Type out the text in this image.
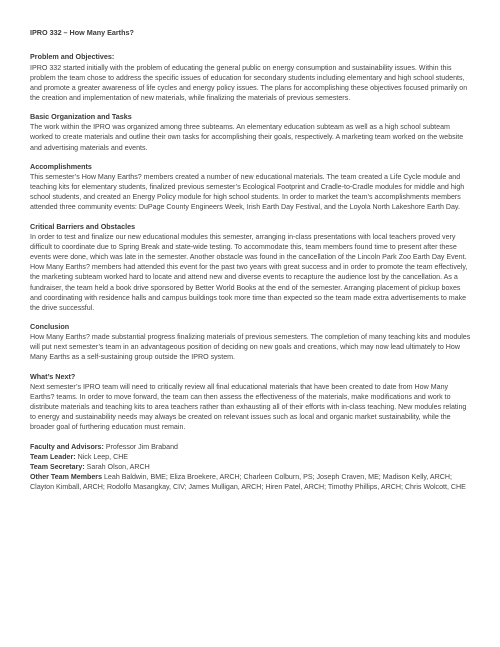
IPRO 332 – How Many Earths?
Problem and Objectives:

IPRO 332 started initially with the problem of educating the general public on energy consumption and sustainability issues. Within this problem the team chose to address the specific issues of education for secondary students including elementary and high school students, and promote a greater awareness of life cycles and energy policy issues. The plans for accomplishing these objectives focused primarily on the creation and implementation of new materials, while finalizing the materials of previous semesters.

Basic Organization and Tasks

The work within the IPRO was organized among three subteams. An elementary education subteam as well as a high school subteam worked to create materials and outline their own tasks for accomplishing their goals, respectively. A marketing team worked on the website and advertising materials and events.

Accomplishments

This semester’s How Many Earths? members created a number of new educational materials. The team created a Life Cycle module and teaching kits for elementary students, finalized previous semester’s Ecological Footprint and Cradle-to-Cradle modules for middle and high school students, and created an Energy Policy module for high school students. In order to market the team’s accomplishments members attended three community events: DuPage County Engineers Week, Irish Earth Day Festival, and the Loyola North Lakeshore Earth Day.

Critical Barriers and Obstacles

In order to test and finalize our new educational modules this semester, arranging in-class presentations with local teachers proved very difficult to coordinate due to Spring Break and state-wide testing. To accommodate this, team members found time to present after these events were done, which was late in the semester. Another obstacle was found in the cancellation of the Lincoln Park Zoo Earth Day Event. How Many Earths? members had attended this event for the past two years with great success and in order to promote the team effectively, the marketing subteam worked hard to locate and attend new and diverse events to recapture the audience lost by the cancellation. As a fundraiser, the team held a book drive sponsored by Better World Books at the end of the semester. Arranging placement of pickup boxes and coordinating with residence halls and campus buildings took more time than expected so the team made extra advertisements to make the drive successful.

Conclusion

How Many Earths? made substantial progress finalizing materials of previous semesters. The completion of many teaching kits and modules will put next semester’s team in an advantageous position of deciding on new goals and creations, which may now lead ultimately to How Many Earths as a self-sustaining group outside the IPRO system.

What’s Next?

Next semester’s IPRO team will need to critically review all final educational materials that have been created to date from How Many Earths? teams. In order to move forward, the team can then assess the effectiveness of the materials, make modifications and work to distribute materials and teaching kits to area teachers rather than exhausting all of their efforts with in-class teaching. New modules relating to energy and sustainability needs may always be created on relevant issues such as local and organic market sustainability, while the broader goal of furthering education must remain.

Faculty and Advisors: Professor Jim Braband
Team Leader: Nick Leep, CHE
Team Secretary: Sarah Olson, ARCH
Other Team Members Leah Baldwin, BME; Eliza Broekere, ARCH; Charleen Colburn, PS; Joseph Craven, ME; Madison Kelly, ARCH; Clayton Kimball, ARCH; Rodolfo Masangkay, CIV; James Mulligan, ARCH; Hiren Patel, ARCH; Timothy Phillips, ARCH; Chris Wolcott, CHE
